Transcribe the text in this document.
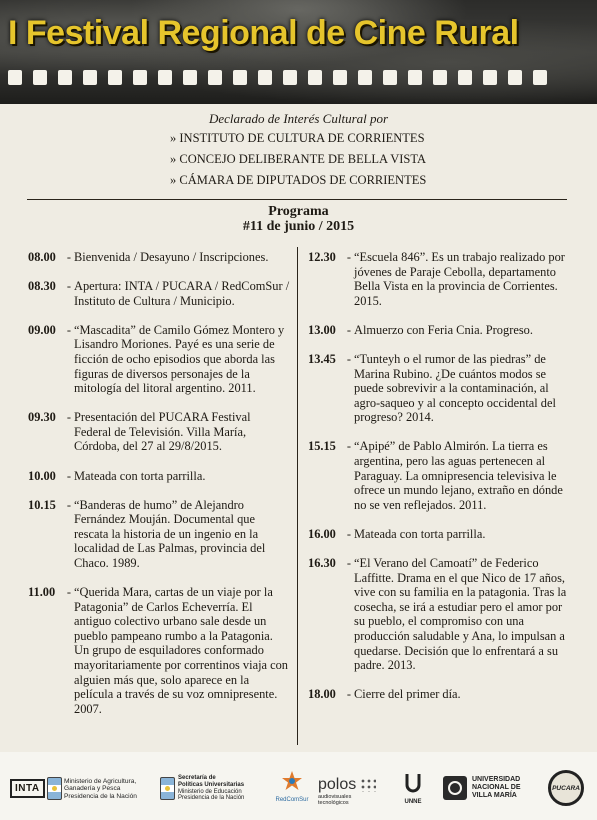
I Festival Regional de Cine Rural
Declarado de Interés Cultural por
» INSTITUTO DE CULTURA DE CORRIENTES
» CONCEJO DELIBERANTE DE BELLA VISTA
» CÁMARA DE DIPUTADOS DE CORRIENTES
Programa
#11 de junio / 2015
08.00 - Bienvenida / Desayuno / Inscripciones.
08.30 - Apertura: INTA / PUCARA / RedComSur / Instituto de Cultura / Municipio.
09.00 - “Mascadita” de Camilo Gómez Montero y Lisandro Moriones. Payé es una serie de ficción de ocho episodios que aborda las figuras de diversos personajes de la mitología del litoral argentino. 2011.
09.30 - Presentación del PUCARA Festival Federal de Televisión. Villa María, Córdoba, del 27 al 29/8/2015.
10.00 - Mateada con torta parrilla.
10.15 - “Banderas de humo” de Alejandro Fernández Mouján. Documental que rescata la historia de un ingenio en la localidad de Las Palmas, provincia del Chaco. 1989.
11.00 - “Querida Mara, cartas de un viaje por la Patagonia” de Carlos Echeverría. El antiguo colectivo urbano sale desde un pueblo pampeano rumbo a la Patagonia. Un grupo de esquiladores conformado mayoritariamente por correntinos viaja con alguien más que, solo aparece en la película a través de su voz omnipresente. 2007.
12.30 - “Escuela 846”. Es un trabajo realizado por jóvenes de Paraje Cebolla, departamento Bella Vista en la provincia de Corrientes. 2015.
13.00 - Almuerzo con Feria Cnia. Progreso.
13.45 - “Tunteyh o el rumor de las piedras” de Marina Rubino. ¿De cuántos modos se puede sobrevivir a la contaminación, al agro-saqueo y al concepto occidental del progreso? 2014.
15.15 - “Apipé” de Pablo Almirón. La tierra es argentina, pero las aguas pertenecen al Paraguay. La omnipresencia televisiva le ofrece un mundo lejano, extraño en dónde no se ven reflejados. 2011.
16.00 - Mateada con torta parrilla.
16.30 - “El Verano del Camoatí” de Federico Laffitte. Drama en el que Nico de 17 años, vive con su familia en la patagonia. Tras la cosecha, se irá a estudiar pero el amor por su pueblo, el compromiso con una producción saludable y Ana, lo impulsan a quedarse. Decisión que lo enfrentará a su padre. 2013.
18.00 - Cierre del primer día.
INTA
Ministerio de Agricultura,
Ganadería y Pesca
Presidencia de la Nación
Secretaría de
Políticas Universitarias
Ministerio de Educación
Presidencia de la Nación	RedComSur
polos
audiovisuales
tecnológicos	UNNE
UNIVERSIDAD
NACIONAL DE
VILLA MARÍA
PUCARA
